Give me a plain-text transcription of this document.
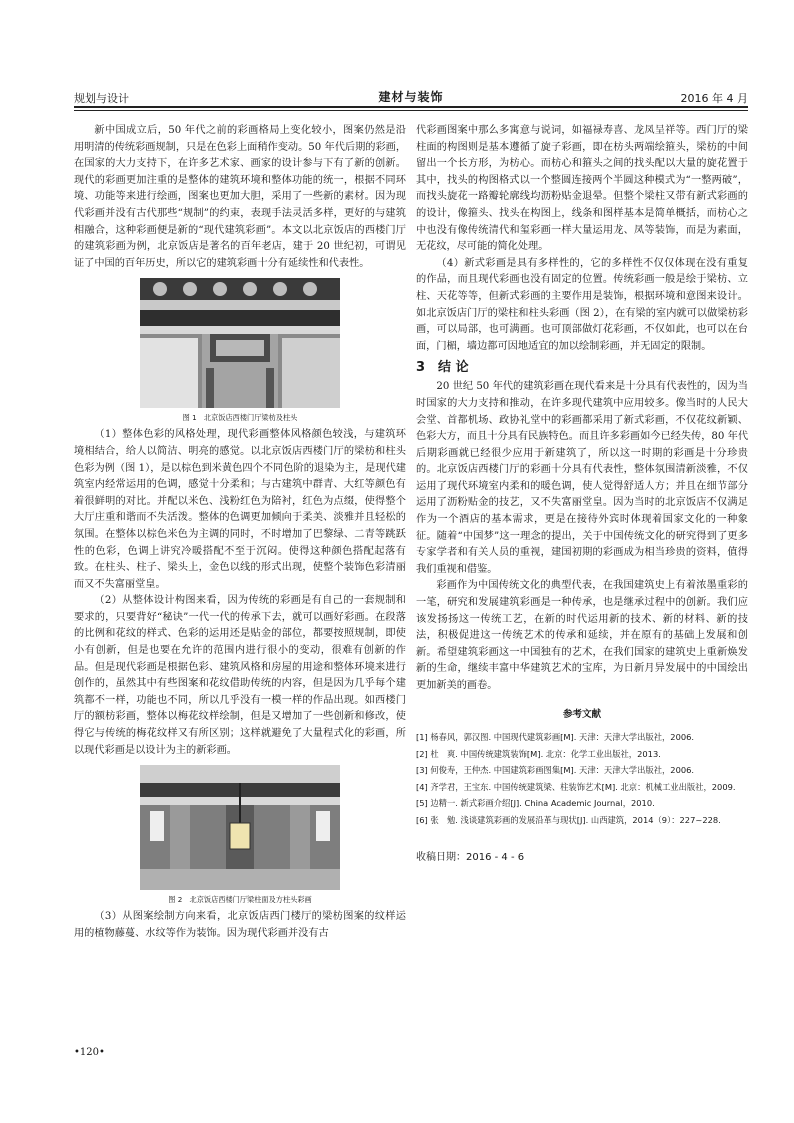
规划与设计	建材与装饰	2016 年 4 月

新中国成立后，50 年代之前的彩画格局上变化较小，图案仍然是沿用明清的传统彩画规制，只是在色彩上面稍作变动。50 年代后期的彩画，在国家的大力支持下，在许多艺术家、画家的设计参与下有了新的创新。现代的彩画更加注重的是整体的建筑环境和整体功能的统一，根据不同环境、功能等来进行绘画，图案也更加大胆，采用了一些新的素材。因为现代彩画并没有古代那些“规制”的约束，表现手法灵活多样，更好的与建筑相融合，这种彩画便是新的“现代建筑彩画”。本文以北京饭店的西楼门厅的建筑彩画为例，北京饭店是著名的百年老店，建于 20 世纪初，可谓见证了中国的百年历史，所以它的建筑彩画十分有延续性和代表性。

图 1　北京饭店西楼门厅梁枋及柱头

（1）整体色彩的风格处理，现代彩画整体风格颜色较浅，与建筑环境相结合，给人以简洁、明亮的感觉。以北京饭店西楼门厅的梁枋和柱头色彩为例（图 1），是以棕色到米黄色四个不同色阶的退染为主，是现代建筑室内经常运用的色调，感觉十分柔和；与古建筑中群青、大红等颜色有着很鲜明的对比。并配以米色、浅粉红色为陪衬，红色为点缀，使得整个大厅庄重和谐而不失活泼。整体的色调更加倾向于柔美、淡雅并且轻松的氛围。在整体以棕色米色为主调的同时，不时增加了巴黎绿、二青等跳跃性的色彩，色调上讲究冷暖搭配不至于沉闷。使得这种颜色搭配起落有致。在柱头、柱子、梁头上，金色以线的形式出现，使整个装饰色彩清丽而又不失富丽堂皇。

（2）从整体设计构图来看，因为传统的彩画是有自己的一套规制和要求的，只要背好“秘诀”一代一代的传承下去，就可以画好彩画。在段落的比例和花纹的样式、色彩的运用还是贴金的部位，都要按照规制，即使小有创新，但是也要在允许的范围内进行很小的变动，很难有创新的作品。但是现代彩画是根据色彩、建筑风格和房屋的用途和整体环境来进行创作的，虽然其中有些图案和花纹借助传统的内容，但是因为几乎每个建筑都不一样，功能也不同，所以几乎没有一模一样的作品出现。如西楼门厅的额枋彩画，整体以梅花纹样绘制，但是又增加了一些创新和修改，使得它与传统的梅花纹样又有所区别；这样就避免了大量程式化的彩画，所以现代彩画是以设计为主的新彩画。

图 2　北京饭店西楼门厅梁柱面及方柱头彩画

（3）从图案绘制方向来看，北京饭店西门楼厅的梁枋图案的纹样运用的植物藤蔓、水纹等作为装饰。因为现代彩画并没有古

代彩画图案中那么多寓意与说词，如福禄寿喜、龙凤呈祥等。西门厅的梁柱面的构图则是基本遵循了旋子彩画，即在枋头两端绘箍头，梁枋的中间留出一个长方形，为枋心。而枋心和箍头之间的找头配以大量的旋花置于其中，找头的构图格式以一个整圆连接两个半圆这种模式为“一整两破”，而找头旋花一路瓣轮廓线均沥粉贴金退晕。但整个梁柱又带有新式彩画的的设计，像箍头、找头在构图上，线条和图样基本是简单概括，而枋心之中也没有像传统清代和玺彩画一样大量运用龙、凤等装饰，而是为素面，无花纹，尽可能的简化处理。

（4）新式彩画是具有多样性的，它的多样性不仅仅体现在没有重复的作品，而且现代彩画也没有固定的位置。传统彩画一般是绘于梁枋、立柱、天花等等，但新式彩画的主要作用是装饰，根据环境和意图来设计。如北京饭店门厅的梁柱和柱头彩画（图 2），在有梁的室内就可以做梁枋彩画，可以局部，也可满画。也可顶部做灯花彩画，不仅如此，也可以在台面，门楣，墙边都可因地适宜的加以绘制彩画，并无固定的限制。

3　结 论

20 世纪 50 年代的建筑彩画在现代看来是十分具有代表性的，因为当时国家的大力支持和推动，在许多现代建筑中应用较多。像当时的人民大会堂、首都机场、政协礼堂中的彩画都采用了新式彩画，不仅花纹新颖、色彩大方，而且十分具有民族特色。而且许多彩画如今已经失传，80 年代后期彩画就已经很少应用于新建筑了，所以这一时期的彩画是十分珍贵的。北京饭店西楼门厅的彩画十分具有代表性，整体氛围清新淡雅，不仅运用了现代环境室内柔和的暖色调，使人觉得舒适人方；并且在细节部分运用了沥粉贴金的技艺，又不失富丽堂皇。因为当时的北京饭店不仅满足作为一个酒店的基本需求，更是在接待外宾时体现着国家文化的一种象征。随着“中国梦”这一理念的提出，关于中国传统文化的研究得到了更多专家学者和有关人员的重视，建国初期的彩画成为相当珍贵的资料，值得我们重视和借鉴。

彩画作为中国传统文化的典型代表，在我国建筑史上有着浓墨重彩的一笔，研究和发展建筑彩画是一种传承，也是继承过程中的创新。我们应该发扬扬这一传统工艺，在新的时代运用新的技术、新的材料、新的技法，积极促进这一传统艺术的传承和延续，并在原有的基础上发展和创新。希望建筑彩画这一中国独有的艺术，在我们国家的建筑史上重新焕发新的生命，继续丰富中华建筑艺术的宝库，为日新月异发展中的中国绘出更加新美的画卷。

参考文献

[1] 杨春风，郭汉图. 中国现代建筑彩画[M]. 天津：天津大学出版社，2006.

[2] 杜　爽. 中国传统建筑装饰[M]. 北京：化学工业出版社，2013.

[3] 何俊寿，王仲杰. 中国建筑彩画图集[M]. 天津：天津大学出版社，2006.

[4] 齐学君，王宝东. 中国传统建筑梁、柱装饰艺术[M]. 北京：机械工业出版社，2009.

[5] 边精一. 新式彩画介绍[J]. China Academic Journal，2010.

[6] 张　勉. 浅谈建筑彩画的发展沿革与现状[J]. 山西建筑，2014（9）：227~228.

收稿日期：2016 - 4 - 6

•120•
